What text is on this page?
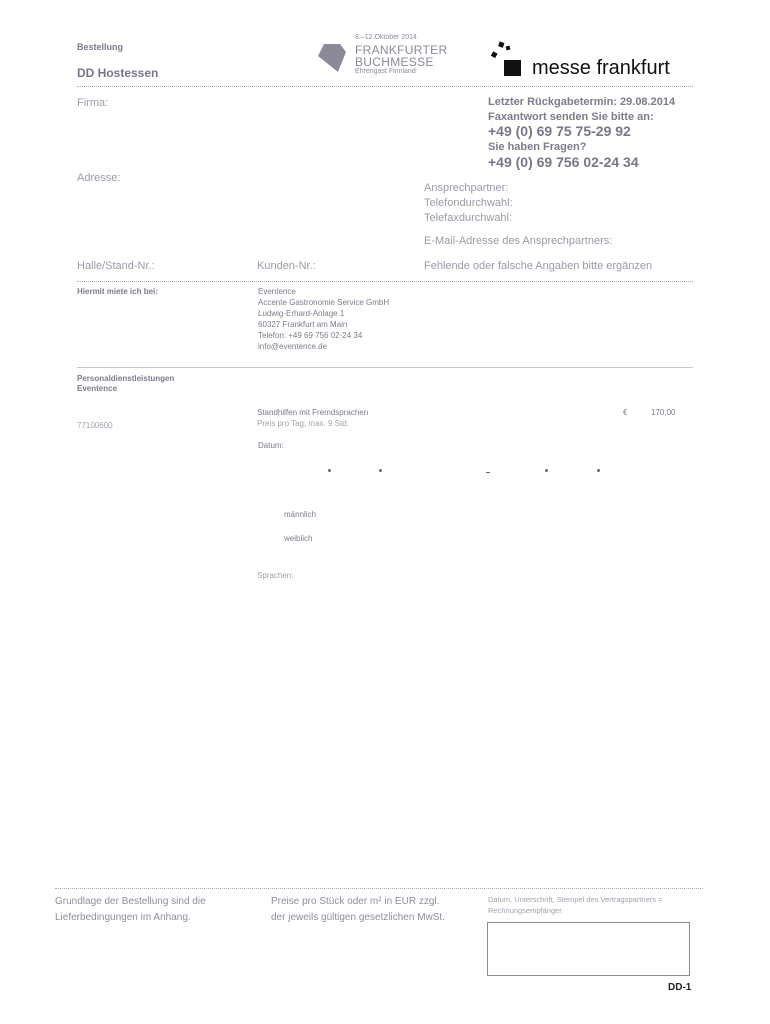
Bestellung
DD Hostessen
8.–12.Oktober 2014
FRANKFURTER
BUCHMESSE
Ehrengast Finnland	messe frankfurt
Firma:
Adresse:
Letzter Rückgabetermin: 29.08.2014
Faxantwort senden Sie bitte an:
+49 (0) 69 75 75-29 92
Sie haben Fragen?
+49 (0) 69 756 02-24 34
Ansprechpartner:
Telefondurchwahl:
Telefaxdurchwahl:
E-Mail-Adresse des Ansprechpartners:
Halle/Stand-Nr.:	Kunden-Nr.:	Fehlende oder falsche Angaben bitte ergänzen
Hiermit miete ich bei:	Eventence
Accente Gastronomie Service GmbH
Ludwig-Erhard-Anlage 1
60327 Frankfurt am Main
Telefon: +49 69 756 02-24 34
info@eventence.de
Personaldienstleistungen
Eventence
Standhilfen mit Fremdsprachen
Preis pro Tag, max. 9 Std.
77100600
€	170,00
Datum:
männlich
weiblich
Sprachen:
Grundlage der Bestellung sind die
Lieferbedingungen im Anhang.
Preise pro Stück oder m² in EUR zzgl.
der jeweils gültigen gesetzlichen MwSt.
Datum, Unterschrift, Stempel des Vertragspartners =
Rechnungsempfänger
DD-1
